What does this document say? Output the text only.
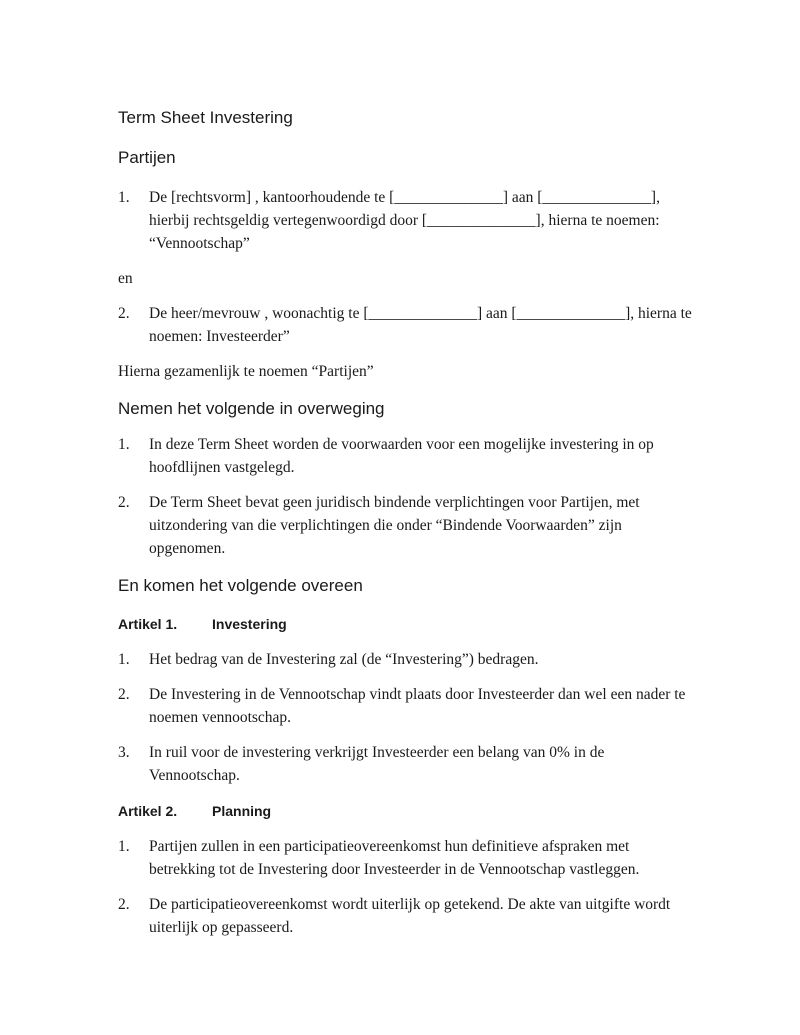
Term Sheet Investering
Partijen
1.	De [rechtsvorm] , kantoorhoudende te [______________] aan [______________], hierbij rechtsgeldig vertegenwoordigd door [______________], hierna te noemen: “Vennootschap”

en

2.	De heer/mevrouw , woonachtig te [______________] aan [______________], hierna te noemen: Investeerder”

Hierna gezamenlijk te noemen “Partijen”

Nemen het volgende in overweging
1.	In deze Term Sheet worden de voorwaarden voor een mogelijke investering in op hoofdlijnen vastgelegd.
2.	De Term Sheet bevat geen juridisch bindende verplichtingen voor Partijen, met uitzondering van die verplichtingen die onder “Bindende Voorwaarden” zijn opgenomen.
En komen het volgende overeen
Artikel 1.	Investering
1.	Het bedrag van de Investering zal (de “Investering”) bedragen.
2.	De Investering in de Vennootschap vindt plaats door Investeerder dan wel een nader te noemen vennootschap.
3.	In ruil voor de investering verkrijgt Investeerder een belang van 0% in de Vennootschap.
Artikel 2.	Planning
1.	Partijen zullen in een participatieovereenkomst hun definitieve afspraken met betrekking tot de Investering door Investeerder in de Vennootschap vastleggen.
2.	De participatieovereenkomst wordt uiterlijk op getekend. De akte van uitgifte wordt uiterlijk op gepasseerd.
